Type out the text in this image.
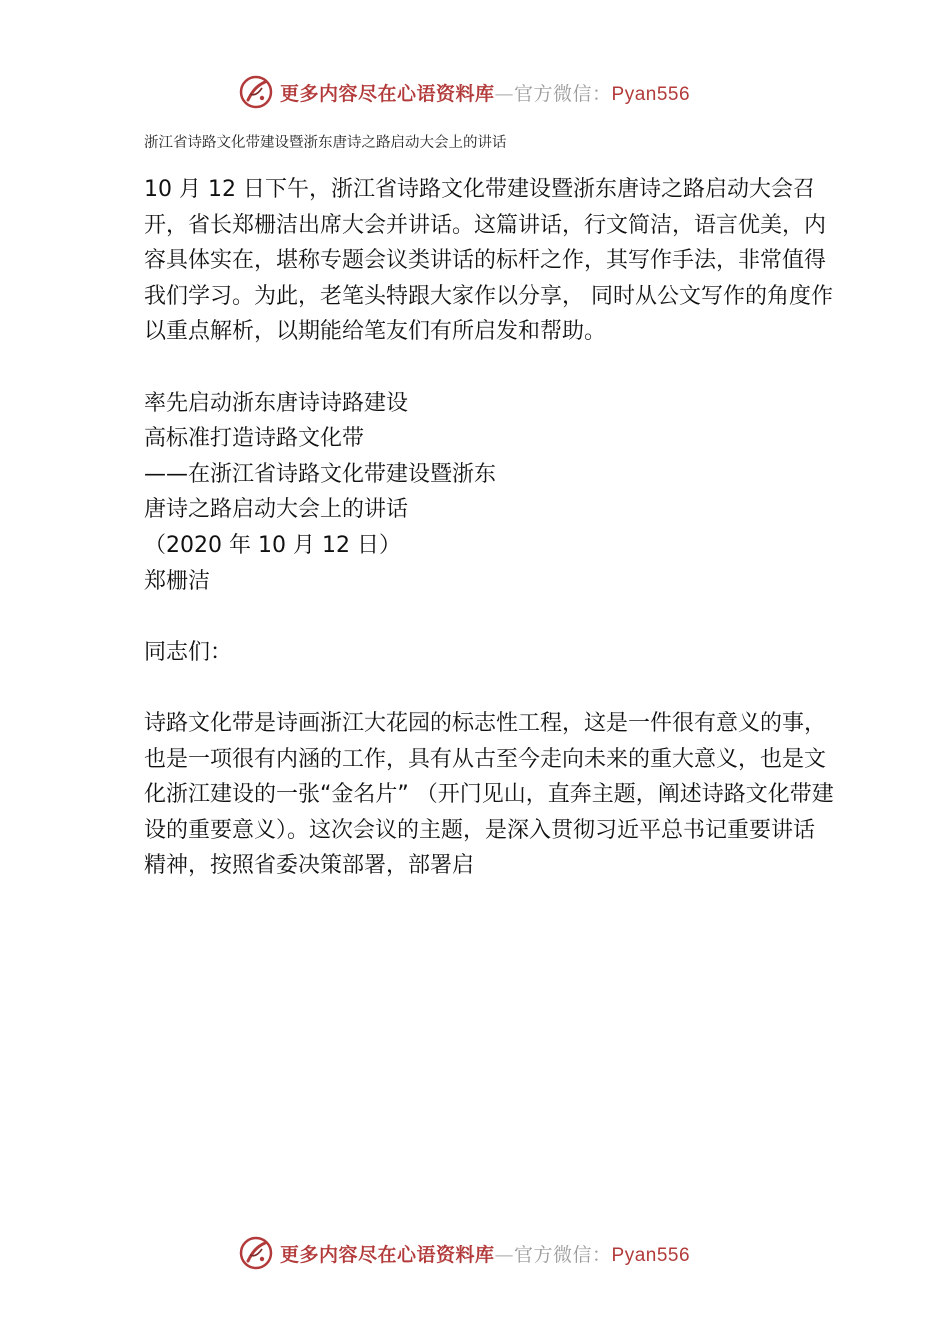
更多内容尽在心语资料库—官方微信：Pyan556
浙江省诗路文化带建设暨浙东唐诗之路启动大会上的讲话

10 月 12 日下午，浙江省诗路文化带建设暨浙东唐诗之路启动大会召开，省长郑栅洁出席大会并讲话。这篇讲话，行文简洁，语言优美，内容具体实在，堪称专题会议类讲话的标杆之作，其写作手法，非常值得我们学习。为此，老笔头特跟大家作以分享， 同时从公文写作的角度作以重点解析，以期能给笔友们有所启发和帮助。

率先启动浙东唐诗诗路建设

高标准打造诗路文化带

——在浙江省诗路文化带建设暨浙东

唐诗之路启动大会上的讲话

（2020 年 10 月 12 日）

郑栅洁

同志们：

诗路文化带是诗画浙江大花园的标志性工程，这是一件很有意义的事，也是一项很有内涵的工作，具有从古至今走向未来的重大意义，也是文化浙江建设的一张“金名片” （开门见山，直奔主题，阐述诗路文化带建设的重要意义）。这次会议的主题，是深入贯彻习近平总书记重要讲话精神，按照省委决策部署，部署启

更多内容尽在心语资料库—官方微信：Pyan556
